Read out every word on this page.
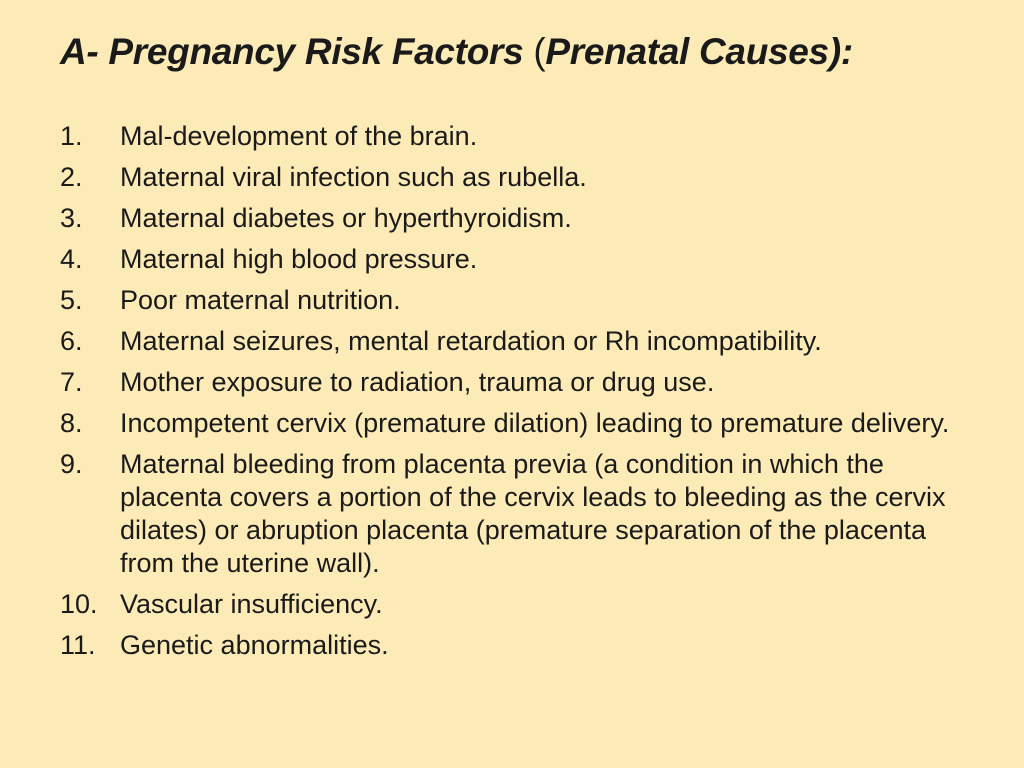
A- Pregnancy Risk Factors (Prenatal Causes):
1.	Mal-development of the brain.
2.	Maternal viral infection such as rubella.
3.	Maternal diabetes or hyperthyroidism.
4.	Maternal high blood pressure.
5.	Poor maternal nutrition.
6.	Maternal seizures, mental retardation or Rh incompatibility.
7.	Mother exposure to radiation, trauma or drug use.
8.	Incompetent cervix (premature dilation) leading to premature delivery.
9.	Maternal bleeding from placenta previa (a condition in which the placenta covers a portion of the cervix leads to bleeding as the cervix dilates) or abruption placenta (premature separation of the placenta from the uterine wall).
10. Vascular insufficiency.
11. Genetic abnormalities.
